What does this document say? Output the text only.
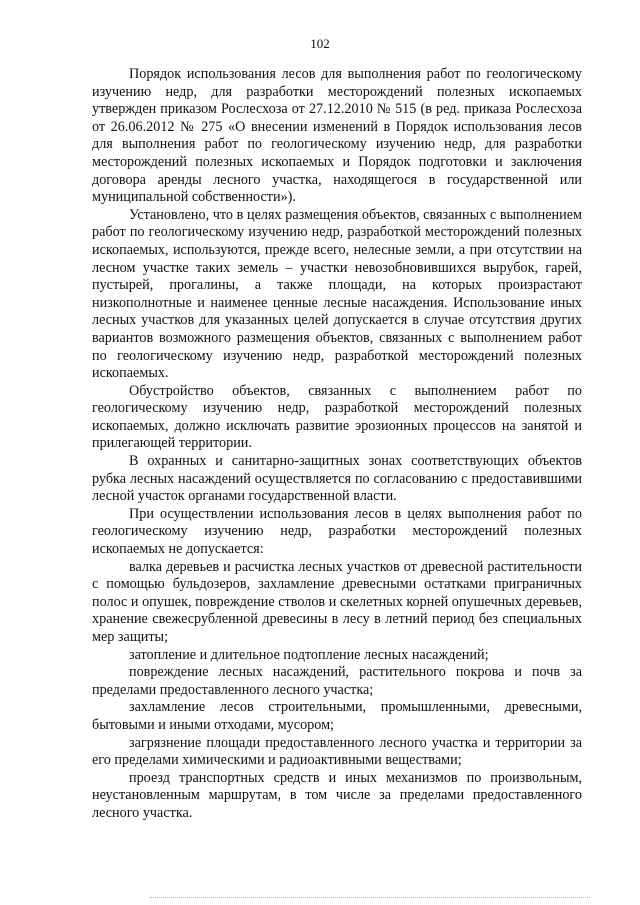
102

Порядок использования лесов для выполнения работ по геологическому изучению недр, для разработки месторождений полезных ископаемых утвержден приказом Рослесхоза от 27.12.2010 № 515 (в ред. приказа Рослесхоза от 26.06.2012 № 275 «О внесении изменений в Порядок использования лесов для выполнения работ по геологическому изучению недр, для разработки месторождений полезных ископаемых и Порядок подготовки и заключения договора аренды лесного участка, находящегося в государственной или муниципальной собственности»).

Установлено, что в целях размещения объектов, связанных с выполнением работ по геологическому изучению недр, разработкой месторождений полезных ископаемых, используются, прежде всего, нелесные земли, а при отсутствии на лесном участке таких земель – участки невозобновившихся вырубок, гарей, пустырей, прогалины, а также площади, на которых произрастают низкополнотные и наименее ценные лесные насаждения. Использование иных лесных участков для указанных целей допускается в случае отсутствия других вариантов возможного размещения объектов, связанных с выполнением работ по геологическому изучению недр, разработкой месторождений полезных ископаемых.

Обустройство объектов, связанных с выполнением работ по геологическому изучению недр, разработкой месторождений полезных ископаемых, должно исключать развитие эрозионных процессов на занятой и прилегающей территории.

В охранных и санитарно-защитных зонах соответствующих объектов рубка лесных насаждений осуществляется по согласованию с предоставившими лесной участок органами государственной власти.

При осуществлении использования лесов в целях выполнения работ по геологическому изучению недр, разработки месторождений полезных ископаемых не допускается:

валка деревьев и расчистка лесных участков от древесной растительности с помощью бульдозеров, захламление древесными остатками приграничных полос и опушек, повреждение стволов и скелетных корней опушечных деревьев, хранение свежесрубленной древесины в лесу в летний период без специальных мер защиты;

затопление и длительное подтопление лесных насаждений;

повреждение лесных насаждений, растительного покрова и почв за пределами предоставленного лесного участка;

захламление лесов строительными, промышленными, древесными, бытовыми и иными отходами, мусором;

загрязнение площади предоставленного лесного участка и территории за его пределами химическими и радиоактивными веществами;

проезд транспортных средств и иных механизмов по произвольным, неустановленным маршрутам, в том числе за пределами предоставленного лесного участка.
